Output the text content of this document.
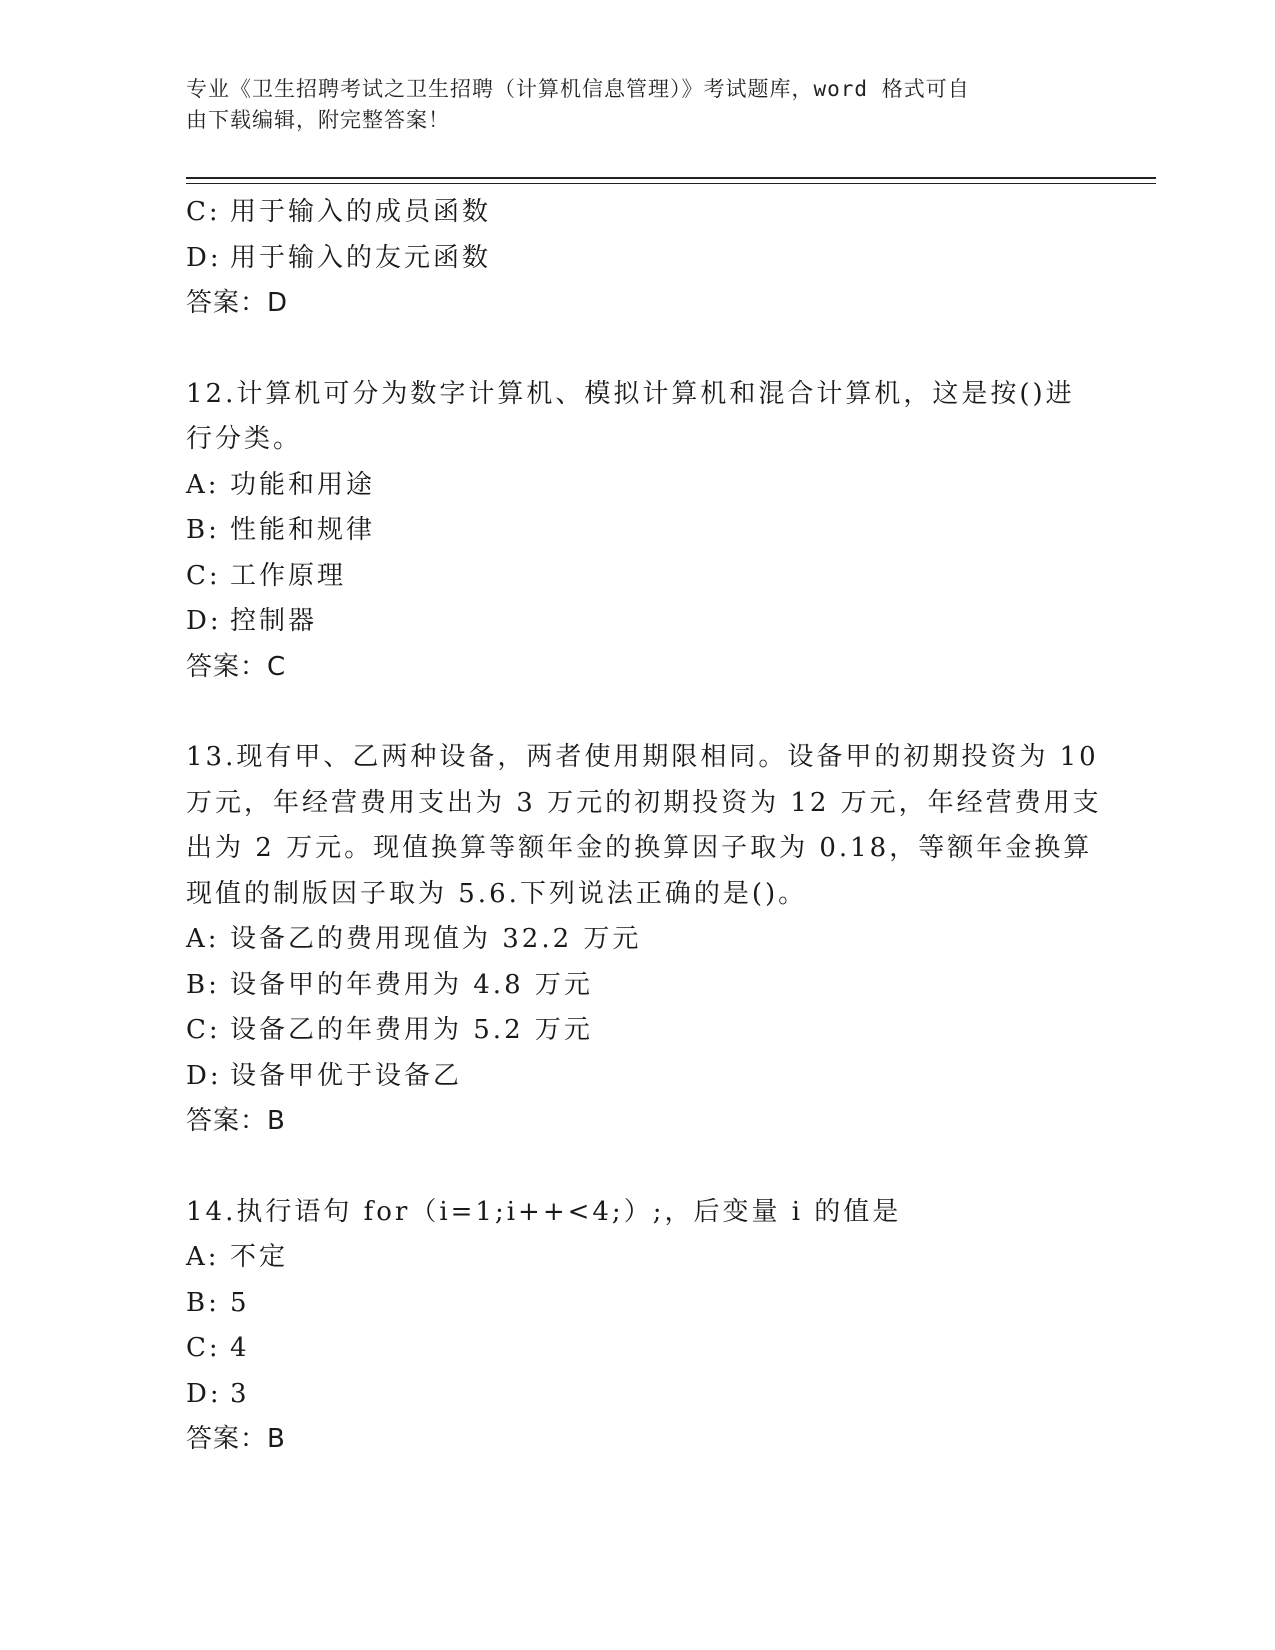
专业《卫生招聘考试之卫生招聘（计算机信息管理）》考试题库，word 格式可自
由下载编辑，附完整答案！
C: 用于输入的成员函数
D: 用于输入的友元函数
答案：D
12.计算机可分为数字计算机、模拟计算机和混合计算机，这是按()进
行分类。
A: 功能和用途
B: 性能和规律
C: 工作原理
D: 控制器
答案：C
13.现有甲、乙两种设备，两者使用期限相同。设备甲的初期投资为 10
万元，年经营费用支出为 3 万元的初期投资为 12 万元，年经营费用支
出为 2 万元。现值换算等额年金的换算因子取为 0.18，等额年金换算
现值的制版因子取为 5.6.下列说法正确的是()。
A: 设备乙的费用现值为 32.2 万元
B: 设备甲的年费用为 4.8 万元
C: 设备乙的年费用为 5.2 万元
D: 设备甲优于设备乙
答案：B
14.执行语句 for（i=1;i++<4;）;，后变量 i 的值是
A: 不定
B: 5
C: 4
D: 3
答案：B
